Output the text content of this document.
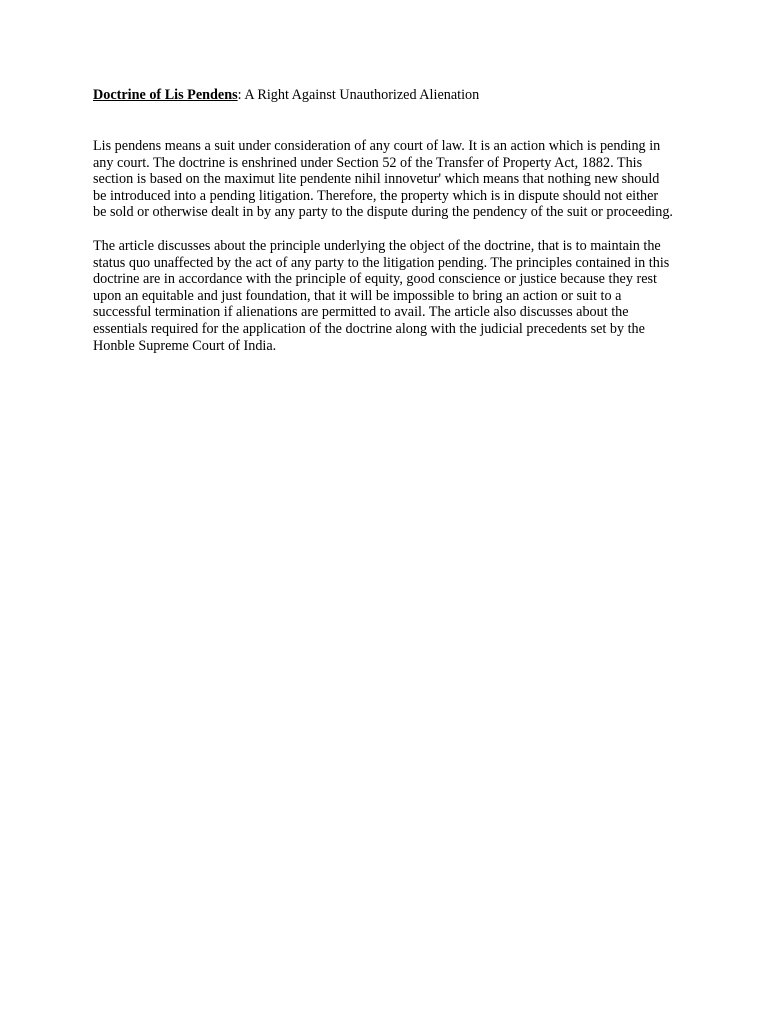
Doctrine of Lis Pendens: A Right Against Unauthorized Alienation

Lis pendens means a suit under consideration of any court of law. It is an action which is pending in
any court. The doctrine is enshrined under Section 52 of the Transfer of Property Act, 1882. This
section is based on the maximut lite pendente nihil innovetur' which means that nothing new should
be introduced into a pending litigation. Therefore, the property which is in dispute should not either
be sold or otherwise dealt in by any party to the dispute during the pendency of the suit or proceeding.

The article discusses about the principle underlying the object of the doctrine, that is to maintain the
status quo unaffected by the act of any party to the litigation pending. The principles contained in this
doctrine are in accordance with the principle of equity, good conscience or justice because they rest
upon an equitable and just foundation, that it will be impossible to bring an action or suit to a
successful termination if alienations are permitted to avail. The article also discusses about the
essentials required for the application of the doctrine along with the judicial precedents set by the
Honble Supreme Court of India.
